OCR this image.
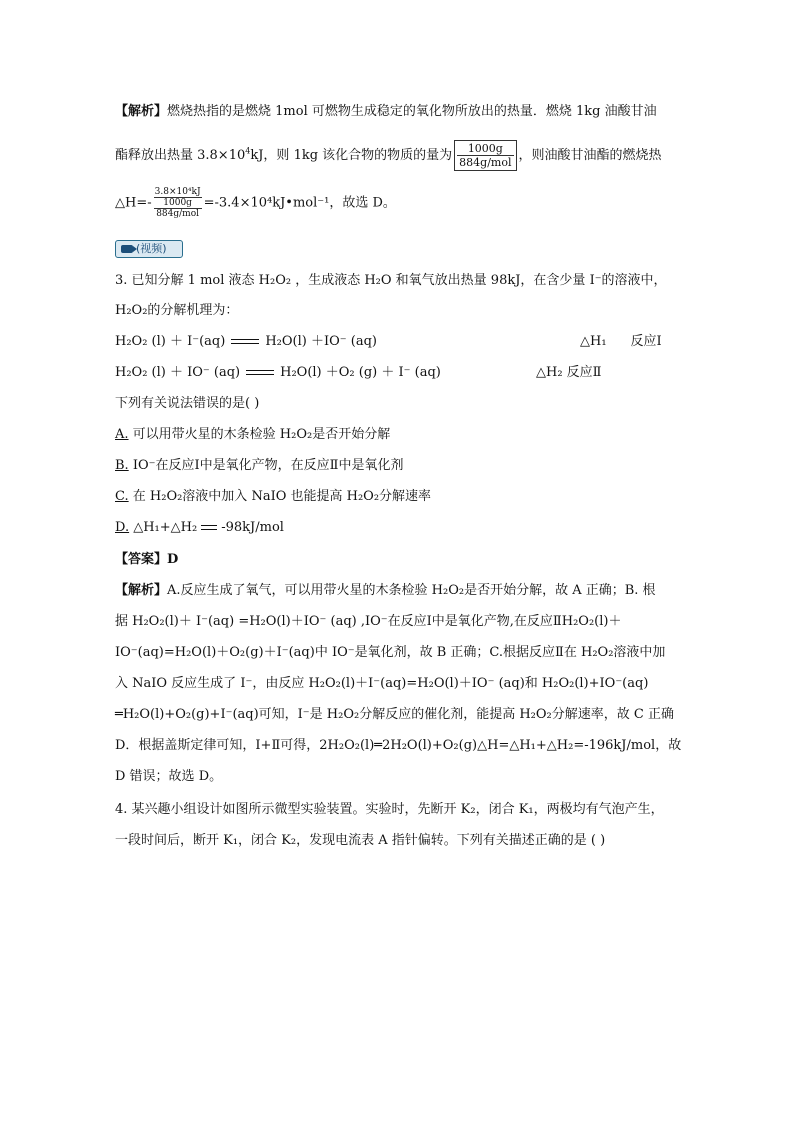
【解析】燃烧热指的是燃烧 1mol 可燃物生成稳定的氧化物所放出的热量．燃烧 1kg 油酸甘油
酯释放出热量 $3.8\times 10^4kJ$，则 1kg 该化合物的物质的量为 $\frac{1000g}{\text{884g/mol}}$ ，则油酸甘油酯的燃烧热
△H=-
3.8×10⁴kJ
1000g
884g/mol
=-3.4×10⁴kJ•mol⁻¹，故选 D。
(视频)
3. 已知分解 1 mol 液态 H₂O₂ ，生成液态 H₂O 和氧气放出热量 98kJ，在含少量 I⁻的溶液中，
H₂O₂的分解机理为：
H₂O₂ (l) ＋ I⁻(aq)	H₂O(l) ＋IO⁻ (aq)	△H₁ 反应Ⅰ
H₂O₂ (l) ＋ IO⁻ (aq)	H₂O(l) ＋O₂ (g) ＋ I⁻ (aq)	△H₂ 反应Ⅱ
下列有关说法错误的是( )
A. 可以用带火星的木条检验 H₂O₂是否开始分解
B. IO⁻在反应Ⅰ中是氧化产物，在反应Ⅱ中是氧化剂
C. 在 H₂O₂溶液中加入 NaIO 也能提高 H₂O₂分解速率
D. △H₁+△H₂ -98kJ/mol
【答案】D
【解析】A.反应生成了氧气，可以用带火星的木条检验 H₂O₂是否开始分解，故 A 正确；B. 根
据 H₂O₂(l)＋ I⁻(aq) =H₂O(l)＋IO⁻ (aq) ,IO⁻在反应Ⅰ中是氧化产物,在反应ⅡH₂O₂(l)＋
IO⁻(aq)=H₂O(l)＋O₂(g)＋I⁻(aq)中 IO⁻是氧化剂，故 B 正确；C.根据反应Ⅱ在 H₂O₂溶液中加
入 NaIO 反应生成了 I⁻，由反应 H₂O₂(l)＋I⁻(aq)=H₂O(l)＋IO⁻ (aq)和 H₂O₂(l)+IO⁻(aq)
═H₂O(l)+O₂(g)+I⁻(aq)可知，I⁻是 H₂O₂分解反应的催化剂，能提高 H₂O₂分解速率，故 C 正确
D．根据盖斯定律可知，Ⅰ+Ⅱ可得，2H₂O₂(l)═2H₂O(l)+O₂(g)△H=△H₁+△H₂=-196kJ/mol，故
D 错误；故选 D。
4. 某兴趣小组设计如图所示微型实验装置。实验时，先断开 K₂，闭合 K₁，两极均有气泡产生，
一段时间后，断开 K₁，闭合 K₂，发现电流表 A 指针偏转。下列有关描述正确的是 ( )
